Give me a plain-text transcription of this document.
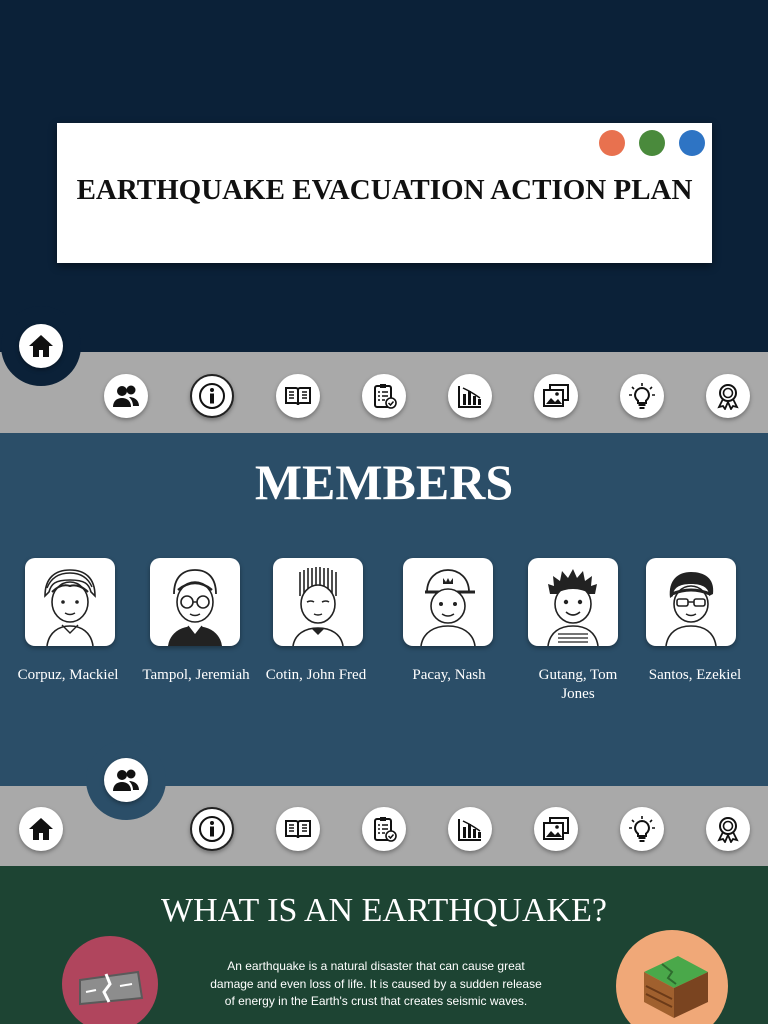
EARTHQUAKE EVACUATION ACTION PLAN
MEMBERS
Corpuz, Mackiel	Tampol, Jeremiah	Cotin, John Fred	Pacay, Nash	Gutang, Tom Jones
Santos, Ezekiel
WHAT IS AN EARTHQUAKE?
An earthquake is a natural disaster that can cause great damage and even loss of life. It is caused by a sudden release of energy in the Earth's crust that creates seismic waves.
